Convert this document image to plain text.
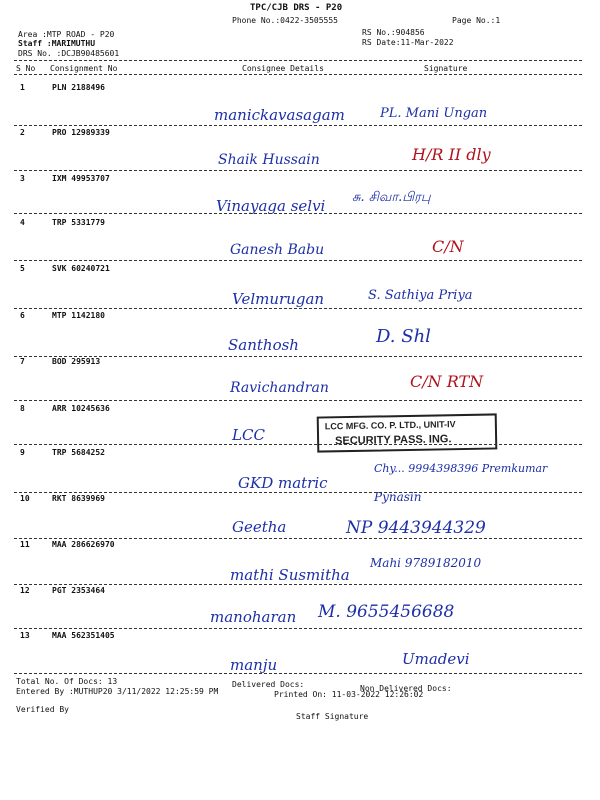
TPC/CJB DRS - P20
Phone No.:0422-3505555	Page No.:1
Area :MTP ROAD - P20
Staff :MARIMUTHU
DRS No. :DCJB90485601
RS No.:904856
RS Date:11-Mar-2022
S No Consignment No	Consignee Details	Signature
1	PLN 2188496
manickavasagam	PL. Mani Ungan
2	PRO 12989339
Shaik Hussain	H/R II dly
3	IXM 49953707
Vinayaga selvi சு. சிவா.பிரபு
4	TRP 5331779
Ganesh Babu	C/N
5	SVK 60240721
Velmurugan	S. Sathiya Priya
6	MTP 1142180
Santhosh	D. Shl
7	BOD 295913
Ravichandran	C/N RTN
8	ARR 10245636
LCC
LCC MFG. CO. P. LTD., UNIT-IV
SECURITY PASS. ING.
9	TRP 5684252
GKD matric
Chy... 9994398396 Premkumar
Pynasin
10	RKT 8639969
Geetha	NP 9443944329
11	MAA 286626970
mathi Susmitha
Mahi 9789182010
12	PGT 2353464
manoharan M. 9655456688
13	MAA 562351405
manju	Umadevi
Total No. Of Docs: 13	Delivered Docs:	Non Delivered Docs:
Entered By :MUTHUP20 3/11/2022 12:25:59 PM	Printed On: 11-03-2022 12:26:02
Verified By
Staff Signature
